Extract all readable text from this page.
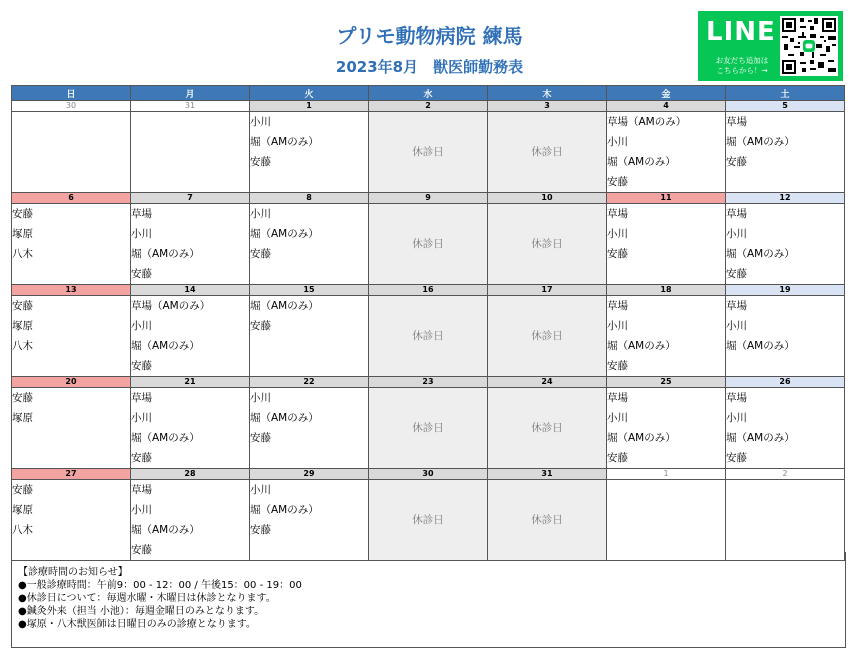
プリモ動物病院 練馬
2023年8月　獣医師勤務表
LINE
お友だち追加は
こちらから！→
日	月	火	水	木	金	土
30	31	1	2	3	4	5

		小川
堀（AMのみ）
安藤	休診日	休診日	草場（AMのみ）
小川
堀（AMのみ）
安藤	草場
堀（AMのみ）
安藤

6	7	8	9	10	11	12

安藤
塚原
八木	草場
小川
堀（AMのみ）
安藤	小川
堀（AMのみ）
安藤	休診日	休診日	草場
小川
安藤	草場
小川
堀（AMのみ）
安藤

13	14	15	16	17	18	19

安藤
塚原
八木	草場（AMのみ）
小川
堀（AMのみ）
安藤	堀（AMのみ）
安藤	休診日	休診日	草場
小川
堀（AMのみ）
安藤	草場
小川
堀（AMのみ）

20	21	22	23	24	25	26

安藤
塚原	草場
小川
堀（AMのみ）
安藤	小川
堀（AMのみ）
安藤	休診日	休診日	草場
小川
堀（AMのみ）
安藤	草場
小川
堀（AMのみ）
安藤

27	28	29	30	31	1	2

安藤
塚原
八木	草場
小川
堀（AMのみ）
安藤	小川
堀（AMのみ）
安藤	休診日	休診日		
【診療時間のお知らせ】
●一般診療時間：午前9：00 - 12：00 / 午後15：00 - 19：00
●休診日について：毎週水曜・木曜日は休診となります。
●鍼灸外来（担当 小池）：毎週金曜日のみとなります。
●塚原・八木獣医師は日曜日のみの診療となります。
